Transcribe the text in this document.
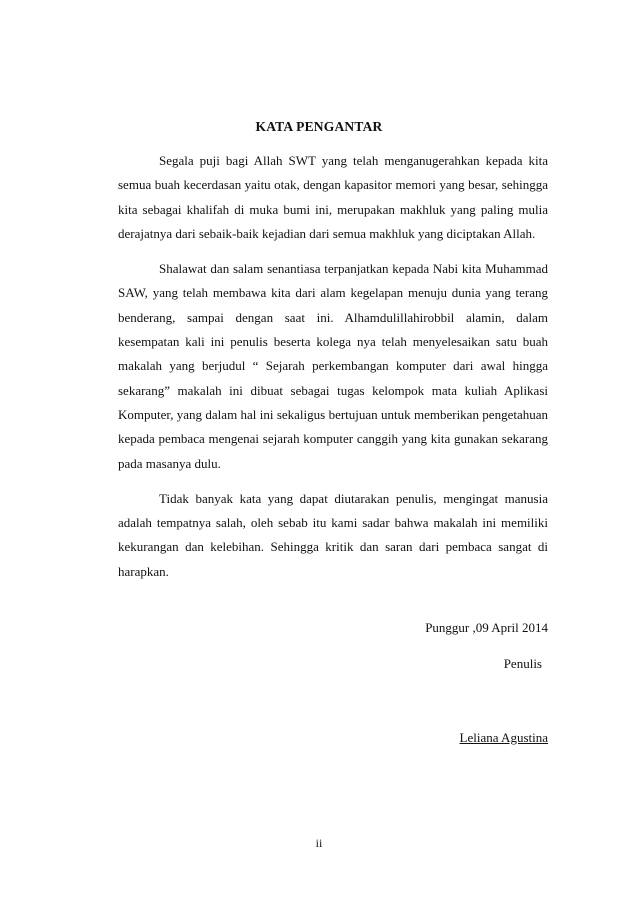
KATA PENGANTAR

Segala puji bagi Allah SWT yang telah menganugerahkan kepada kita semua buah kecerdasan yaitu otak, dengan kapasitor memori yang besar, sehingga kita sebagai khalifah di muka bumi ini, merupakan makhluk yang paling mulia derajatnya dari sebaik-baik kejadian dari semua makhluk yang diciptakan Allah.

Shalawat dan salam senantiasa terpanjatkan kepada Nabi kita Muhammad SAW, yang telah membawa kita dari alam kegelapan menuju dunia yang terang benderang, sampai dengan saat ini. Alhamdulillahirobbil alamin, dalam kesempatan kali ini penulis beserta kolega nya telah menyelesaikan satu buah makalah yang berjudul “ Sejarah perkembangan komputer dari awal hingga sekarang” makalah ini dibuat sebagai tugas kelompok mata kuliah Aplikasi Komputer, yang dalam hal ini sekaligus bertujuan untuk memberikan pengetahuan kepada pembaca mengenai sejarah komputer canggih yang kita gunakan sekarang pada masanya dulu.

Tidak banyak kata yang dapat diutarakan penulis, mengingat manusia adalah tempatnya salah, oleh sebab itu kami sadar bahwa makalah ini memiliki kekurangan dan kelebihan. Sehingga kritik dan saran dari pembaca sangat di harapkan.

Punggur ,09 April 2014
Penulis
Leliana Agustina
ii
